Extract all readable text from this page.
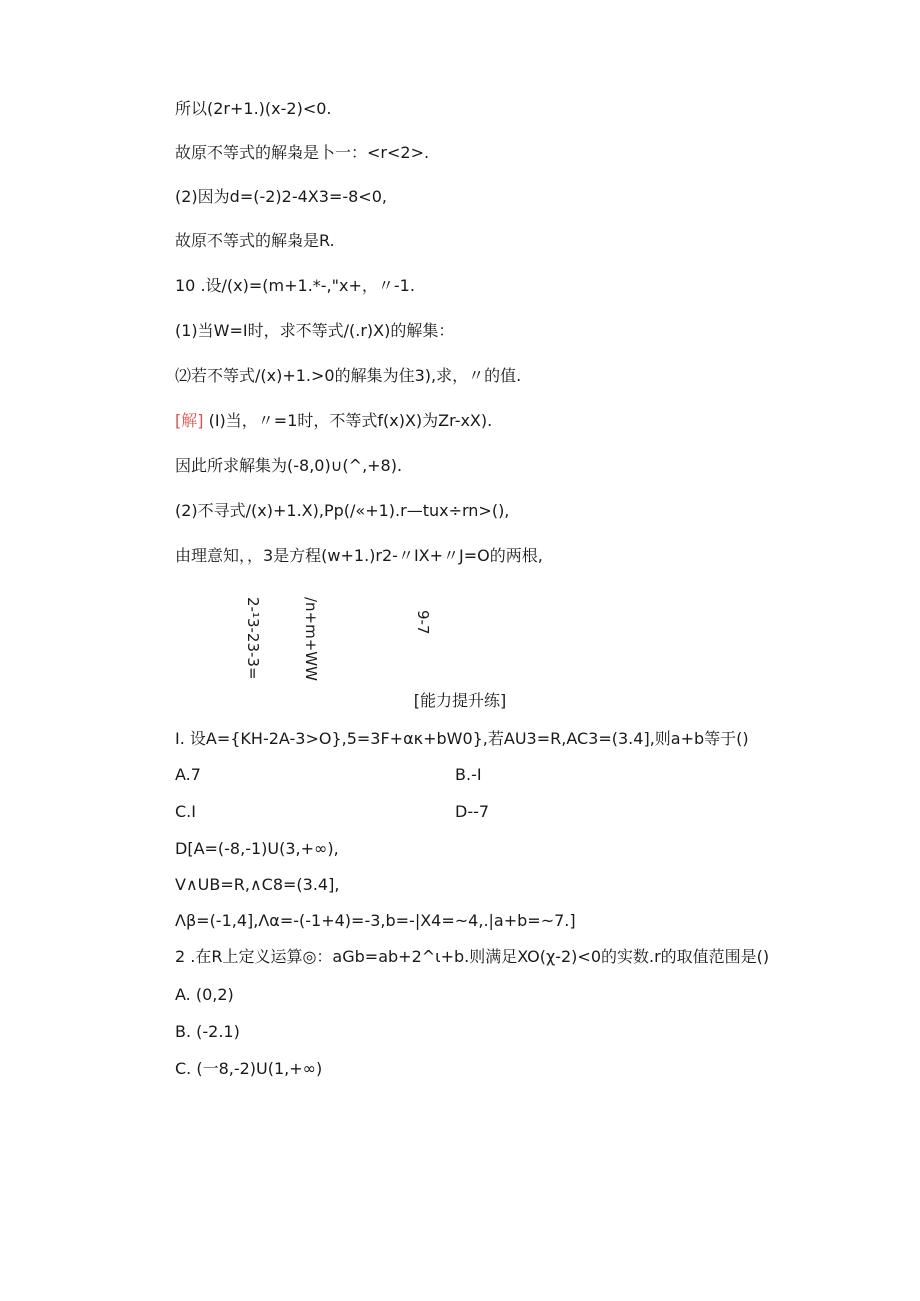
所以(2r+1.)(x-2)<0.
故原不等式的解枭是卜一：<r<2>.
(2)因为d=(-2)2-4X3=-8<0,
故原不等式的解枭是R.
10 .设/(x)=(m+1.*-,"x+，〃-1.
(1)当W=I时，求不等式/(.r)X)的解集：
⑵若不等式/(x)+1.>0的解集为住3),求，〃的值.
[解] (I)当，〃=1时，不等式f(x)X)为Zr-xX).
因此所求解集为(-8,0)∪(^,+8).
(2)不寻式/(x)+1.X),Pp(/«+1).r—tux÷rn>(),
由理意知，，3是方程(w+1.)r2-〃IX+〃J=O的两根,
2-¹3-23-3=	/n+m+WW	9-7
[能力提升练]
I. 设A={KH-2A-3>O},5=3F+ακ+bW0},若AU3=R,AC3=(3.4],则a+b等于()
A.7	B.-I
C.I	D--7
D[A=(-8,-1)U(3,+∞),
V∧UB=R,∧C8=(3.4],
Λβ=(-1,4],Λα=-(-1+4)=-3,b=-|X4=~4,.|a+b=~7.]
2 .在R上定义运算◎：aGb=ab+2^ι+b.则满足XO(χ-2)<0的实数.r的取值范围是()
A. (0,2)
B. (-2.1)
C. (一8,-2)U(1,+∞)
